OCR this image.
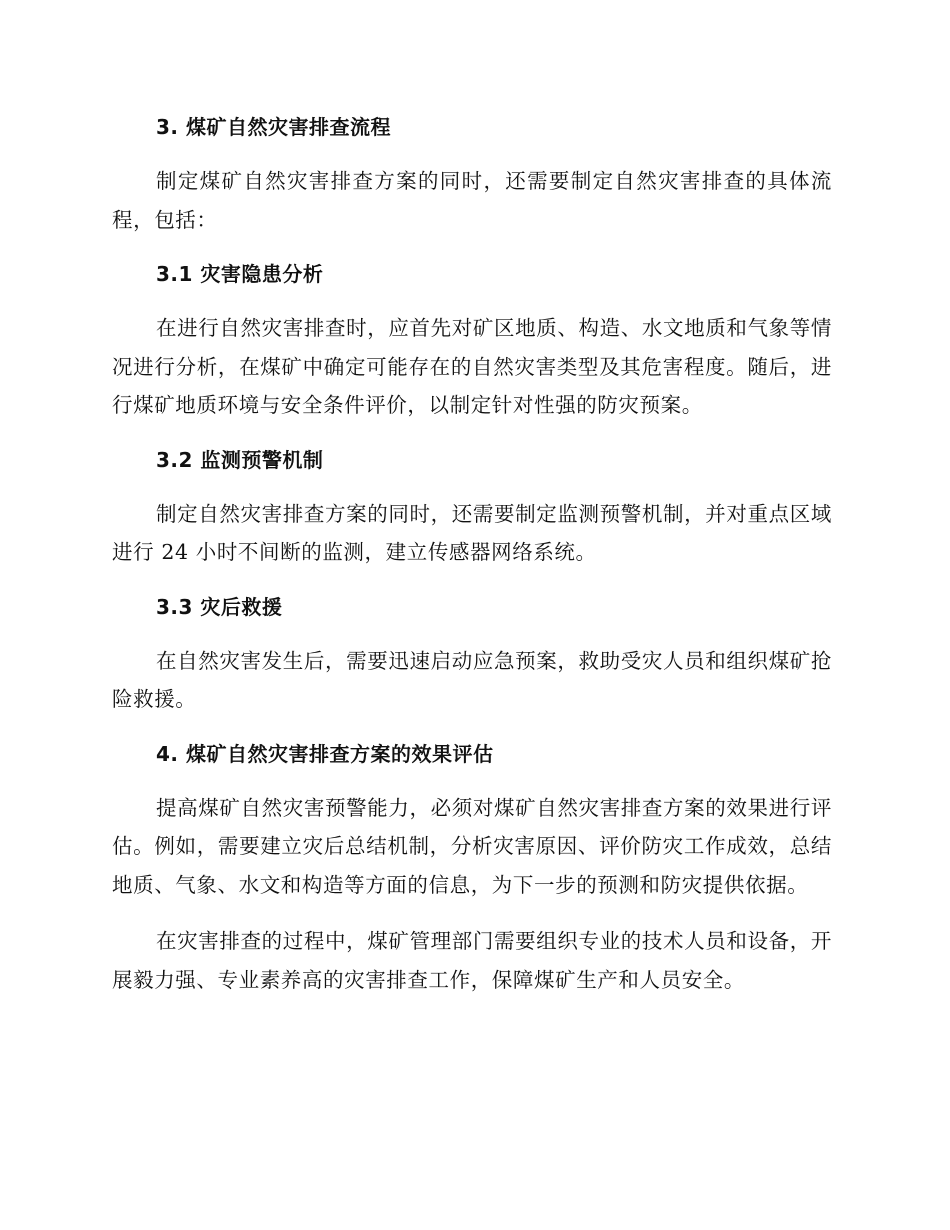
3. 煤矿自然灾害排查流程

制定煤矿自然灾害排查方案的同时，还需要制定自然灾害排查的具体流程，包括：

3.1 灾害隐患分析

在进行自然灾害排查时，应首先对矿区地质、构造、水文地质和气象等情况进行分析，在煤矿中确定可能存在的自然灾害类型及其危害程度。随后，进行煤矿地质环境与安全条件评价，以制定针对性强的防灾预案。

3.2 监测预警机制

制定自然灾害排查方案的同时，还需要制定监测预警机制，并对重点区域进行 24 小时不间断的监测，建立传感器网络系统。

3.3 灾后救援

在自然灾害发生后，需要迅速启动应急预案，救助受灾人员和组织煤矿抢险救援。

4. 煤矿自然灾害排查方案的效果评估

提高煤矿自然灾害预警能力，必须对煤矿自然灾害排查方案的效果进行评估。例如，需要建立灾后总结机制，分析灾害原因、评价防灾工作成效，总结地质、气象、水文和构造等方面的信息，为下一步的预测和防灾提供依据。

在灾害排查的过程中，煤矿管理部门需要组织专业的技术人员和设备，开展毅力强、专业素养高的灾害排查工作，保障煤矿生产和人员安全。
